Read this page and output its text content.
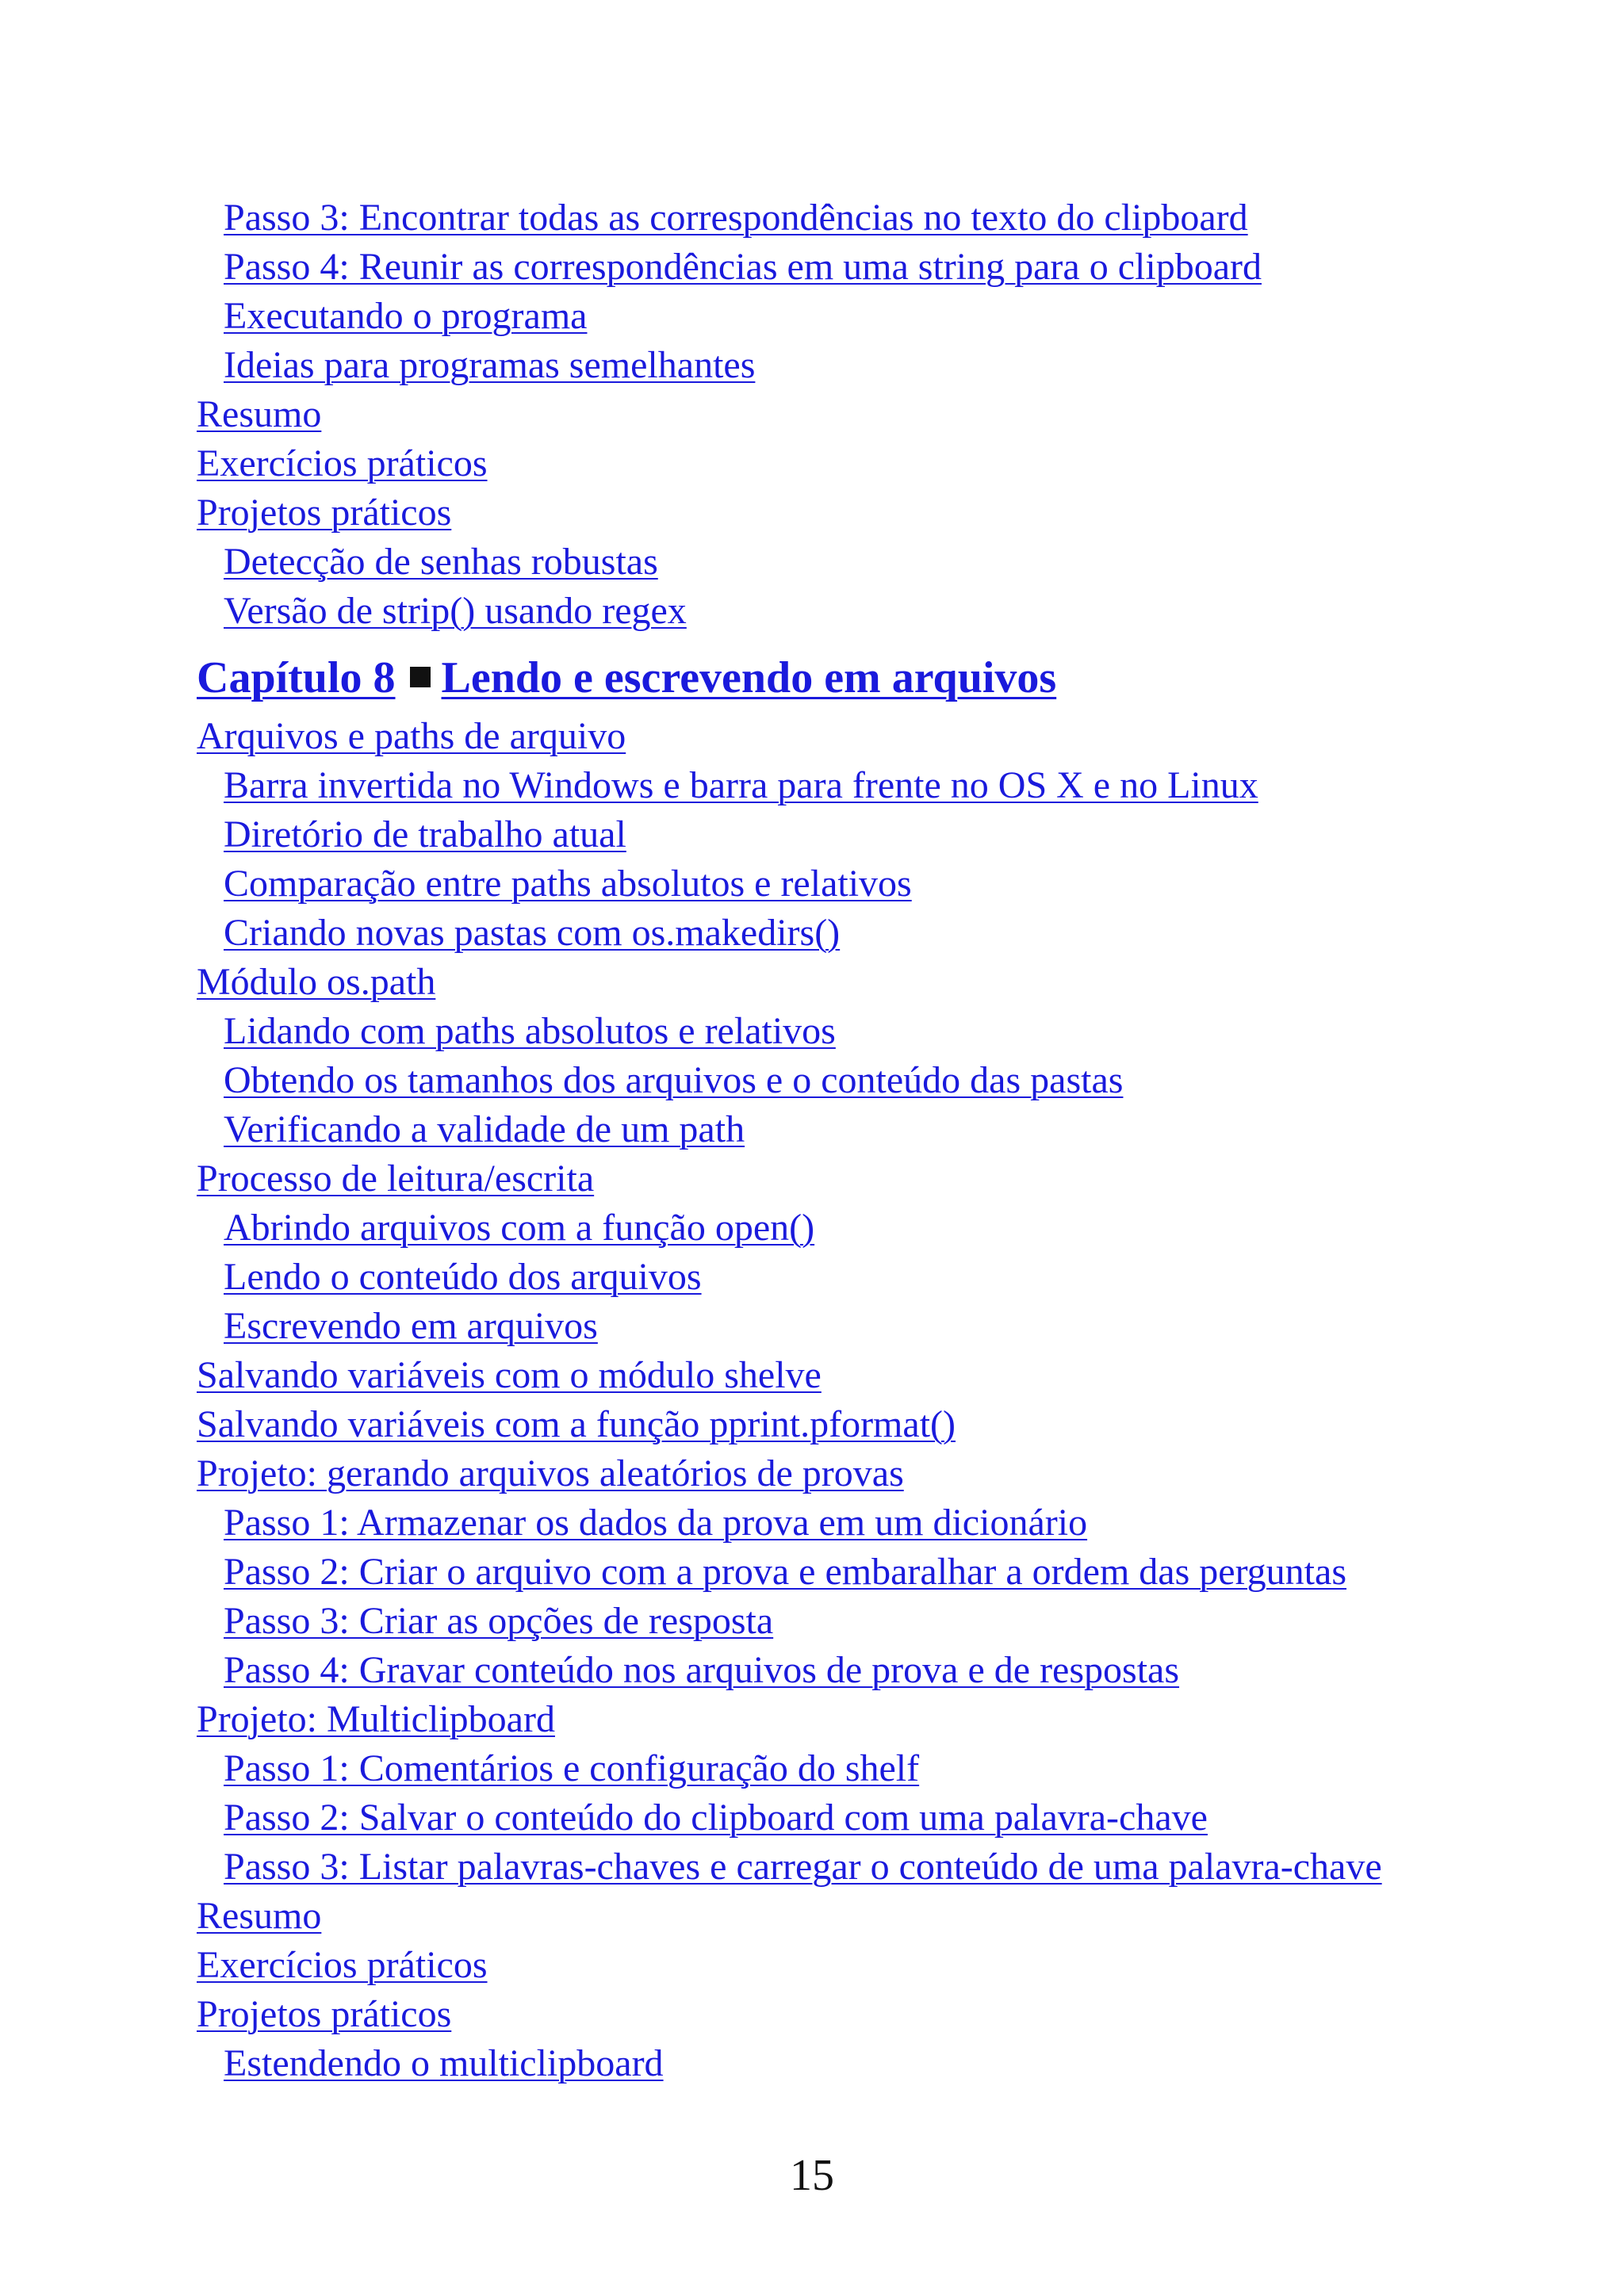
Passo 3: Encontrar todas as correspondências no texto do clipboard
Passo 4: Reunir as correspondências em uma string para o clipboard
Executando o programa
Ideias para programas semelhantes
Resumo
Exercícios práticos
Projetos práticos
Detecção de senhas robustas
Versão de strip() usando regex
Capítulo 8 Lendo e escrevendo em arquivos
Arquivos e paths de arquivo
Barra invertida no Windows e barra para frente no OS X e no Linux
Diretório de trabalho atual
Comparação entre paths absolutos e relativos
Criando novas pastas com os.makedirs()
Módulo os.path
Lidando com paths absolutos e relativos
Obtendo os tamanhos dos arquivos e o conteúdo das pastas
Verificando a validade de um path
Processo de leitura/escrita
Abrindo arquivos com a função open()
Lendo o conteúdo dos arquivos
Escrevendo em arquivos
Salvando variáveis com o módulo shelve
Salvando variáveis com a função pprint.pformat()
Projeto: gerando arquivos aleatórios de provas
Passo 1: Armazenar os dados da prova em um dicionário
Passo 2: Criar o arquivo com a prova e embaralhar a ordem das perguntas
Passo 3: Criar as opções de resposta
Passo 4: Gravar conteúdo nos arquivos de prova e de respostas
Projeto: Multiclipboard
Passo 1: Comentários e configuração do shelf
Passo 2: Salvar o conteúdo do clipboard com uma palavra-chave
Passo 3: Listar palavras-chaves e carregar o conteúdo de uma palavra-chave
Resumo
Exercícios práticos
Projetos práticos
Estendendo o multiclipboard
15
